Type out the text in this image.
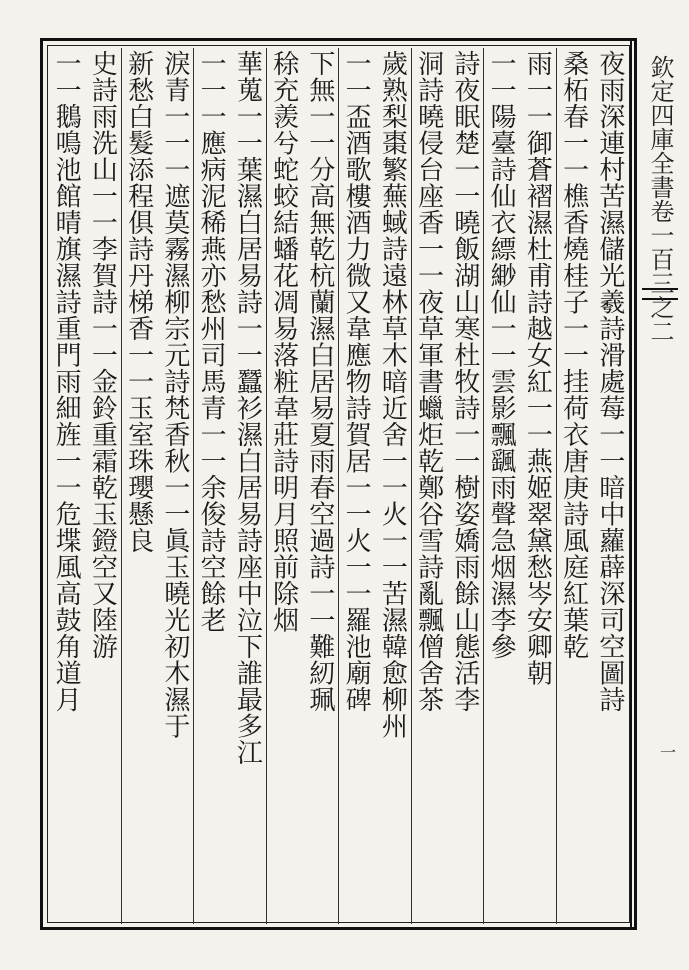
欽定四庫全書卷一百三之二
一
夜雨深連村苦濕儲光羲詩滑處莓一一暗中蘿薜深司空圖詩
桑柘春一一樵香燒桂子一一挂荷衣唐庚詩風庭紅葉乾
雨一一御蒼褶濕杜甫詩越女紅一一燕姬翠黛愁岑安卿朝
一一陽臺詩仙衣縹緲仙一一雲影飄颻雨聲急烟濕李參
詩夜眠楚一一曉飯湖山寒杜牧詩一一樹姿嬌雨餘山態活李
洞詩曉侵台座香一一夜草軍書蠟炬乾鄭谷雪詩亂飄僧舍茶
歲熟梨棗繁蕪蜮詩遠林草木暗近舍一一火一一苦濕韓愈柳州
一一盃酒歌樓酒力微又韋應物詩賀居一一火一一羅池廟碑
下無一一分高無乾杭蘭濕白居易夏雨春空過詩一一難紉珮
稌充羨兮蛇蛟結蟠花凋易落粧韋莊詩明月照前除烟
華蒐一一葉濕白居易詩一一蠶衫濕白居易詩座中泣下誰最多江
一一一應病泥稀燕亦愁州司馬青一一余俊詩空餘老
淚青一一一遮莫霧濕柳宗元詩梵香秋一一眞玉曉光初木濕于
新愁白髮添程俱詩丹梯香一一玉室珠瓔懸良
史詩雨洗山一一李賀詩一一金鈴重霜乾玉鐙空又陸游
一一鵝鳴池館晴旗濕詩重門雨細旌一一危堞風高鼓角道月
